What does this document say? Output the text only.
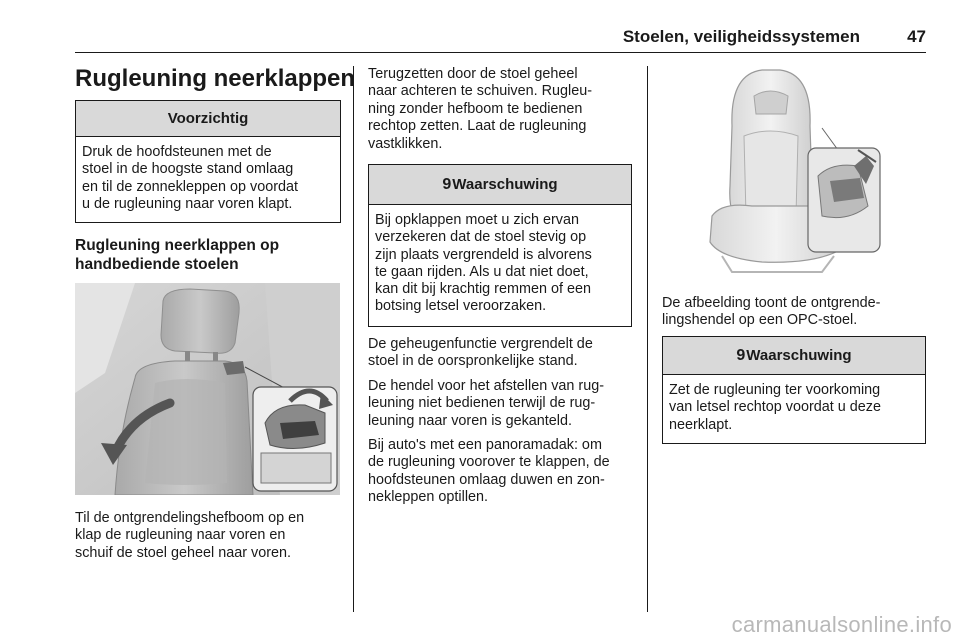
Stoelen, veiligheidssystemen	47
Rugleuning neerklappen
Voorzichtig
Druk de hoofdsteunen met de
stoel in de hoogste stand omlaag
en til de zonnekleppen op voordat
u de rugleuning naar voren klapt.
Rugleuning neerklappen op
handbediende stoelen
Til de ontgrendelingshefboom op en
klap de rugleuning naar voren en
schuif de stoel geheel naar voren.
Terugzetten door de stoel geheel
naar achteren te schuiven. Rugleu-
ning zonder hefboom te bedienen
rechtop zetten. Laat de rugleuning
vastklikken.
9Waarschuwing
Bij opklappen moet u zich ervan
verzekeren dat de stoel stevig op
zijn plaats vergrendeld is alvorens
te gaan rijden. Als u dat niet doet,
kan dit bij krachtig remmen of een
botsing letsel veroorzaken.
De geheugenfunctie vergrendelt de
stoel in de oorspronkelijke stand.
De hendel voor het afstellen van rug-
leuning niet bedienen terwijl de rug-
leuning naar voren is gekanteld.
Bij auto's met een panoramadak: om
de rugleuning voorover te klappen, de
hoofdsteunen omlaag duwen en zon-
nekleppen optillen.
De afbeelding toont de ontgrende-
lingshendel op een OPC-stoel.
9Waarschuwing
Zet de rugleuning ter voorkoming
van letsel rechtop voordat u deze
neerklapt.
carmanualsonline.info
